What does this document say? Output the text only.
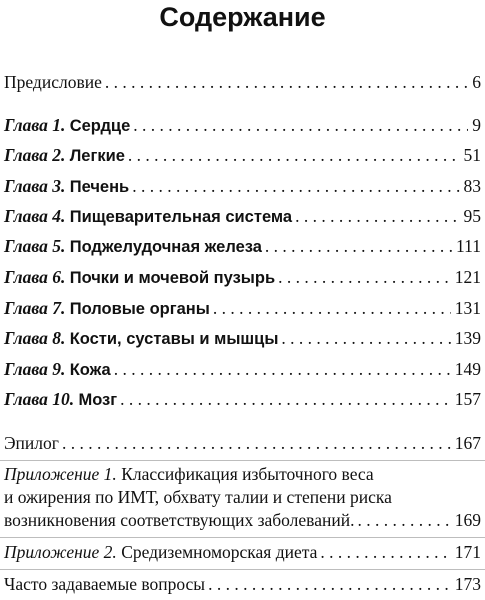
Содержание
Предисловие . . .	6
Глава 1. Сердце . . .	9
Глава 2. Легкие . . .	51
Глава 3. Печень . . .	83
Глава 4. Пищеварительная система . . .	95
Глава 5. Поджелудочная железа . . .	111
Глава 6. Почки и мочевой пузырь . . .	121
Глава 7. Половые органы . . .	131
Глава 8. Кости, суставы и мышцы . . .	139
Глава 9. Кожа . . .	149
Глава 10. Мозг . . .	157
Эпилог . . .	167
Приложение 1. Классификация избыточного веса
и ожирения по ИМТ, обхвату талии и степени риска
возникновения соответствующих заболеваний. . . .	169
Приложение 2. Средиземноморская диета . . .	171
Часто задаваемые вопросы . . .	173
